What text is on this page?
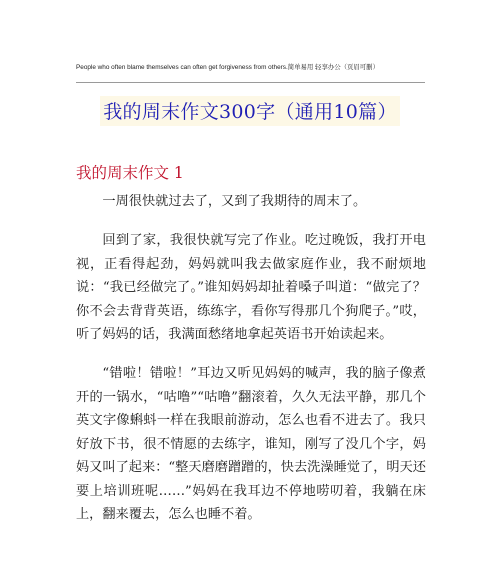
People who often blame themselves can often get forgiveness from others.简单易用 轻享办公（页眉可删）
我的周末作文300字（通用10篇）
我的周末作文 1

一周很快就过去了，又到了我期待的周末了。

回到了家，我很快就写完了作业。吃过晚饭，我打开电视，正看得起劲，妈妈就叫我去做家庭作业，我不耐烦地说：“我已经做完了。”谁知妈妈却扯着嗓子叫道：“做完了？你不会去背背英语，练练字，看你写得那几个狗爬子。”哎，听了妈妈的话，我满面愁绪地拿起英语书开始读起来。

“错啦！错啦！”耳边又听见妈妈的喊声，我的脑子像煮开的一锅水，“咕噜”“咕噜”翻滚着，久久无法平静，那几个英文字像蝌蚪一样在我眼前游动，怎么也看不进去了。我只好放下书，很不情愿的去练字，谁知，刚写了没几个字，妈妈又叫了起来：“整天磨磨蹭蹭的，快去洗澡睡觉了，明天还要上培训班呢……”妈妈在我耳边不停地唠叨着，我躺在床上，翻来覆去，怎么也睡不着。
